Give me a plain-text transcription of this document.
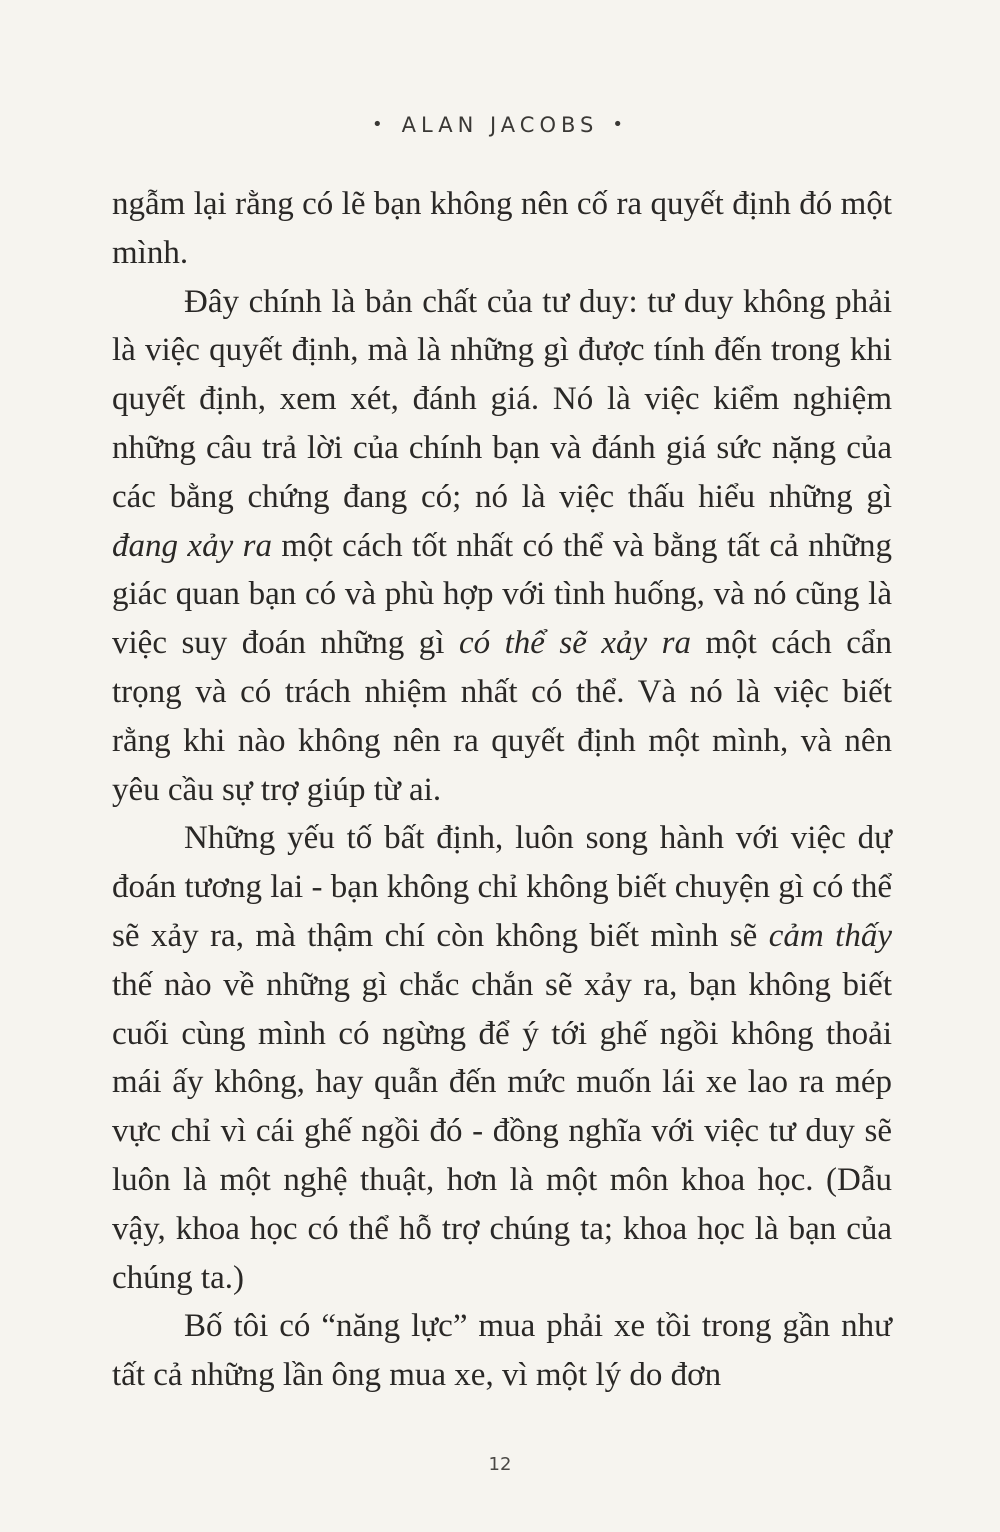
• ALAN JACOBS •

ngẫm lại rằng có lẽ bạn không nên cố ra quyết định đó một mình.

Đây chính là bản chất của tư duy: tư duy không phải là việc quyết định, mà là những gì được tính đến trong khi quyết định, xem xét, đánh giá. Nó là việc kiểm nghiệm những câu trả lời của chính bạn và đánh giá sức nặng của các bằng chứng đang có; nó là việc thấu hiểu những gì đang xảy ra một cách tốt nhất có thể và bằng tất cả những giác quan bạn có và phù hợp với tình huống, và nó cũng là việc suy đoán những gì có thể sẽ xảy ra một cách cẩn trọng và có trách nhiệm nhất có thể. Và nó là việc biết rằng khi nào không nên ra quyết định một mình, và nên yêu cầu sự trợ giúp từ ai.

Những yếu tố bất định, luôn song hành với việc dự đoán tương lai - bạn không chỉ không biết chuyện gì có thể sẽ xảy ra, mà thậm chí còn không biết mình sẽ cảm thấy thế nào về những gì chắc chắn sẽ xảy ra, bạn không biết cuối cùng mình có ngừng để ý tới ghế ngồi không thoải mái ấy không, hay quẫn đến mức muốn lái xe lao ra mép vực chỉ vì cái ghế ngồi đó - đồng nghĩa với việc tư duy sẽ luôn là một nghệ thuật, hơn là một môn khoa học. (Dẫu vậy, khoa học có thể hỗ trợ chúng ta; khoa học là bạn của chúng ta.)

Bố tôi có “năng lực” mua phải xe tồi trong gần như tất cả những lần ông mua xe, vì một lý do đơn

12
